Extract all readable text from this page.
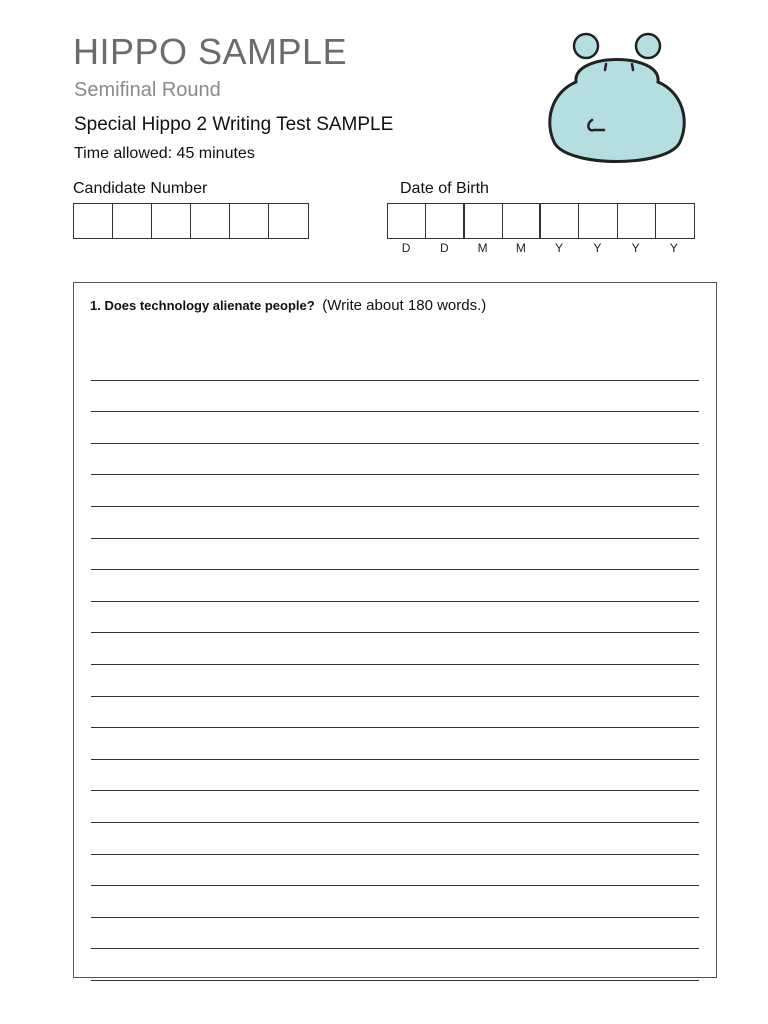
HIPPO SAMPLE
Semifinal Round
Special Hippo 2 Writing Test SAMPLE
Time allowed: 45 minutes
Candidate Number	Date of Birth
D	D	M	M	Y	Y	Y	Y
1. Does technology alienate people? (Write about 180 words.)
